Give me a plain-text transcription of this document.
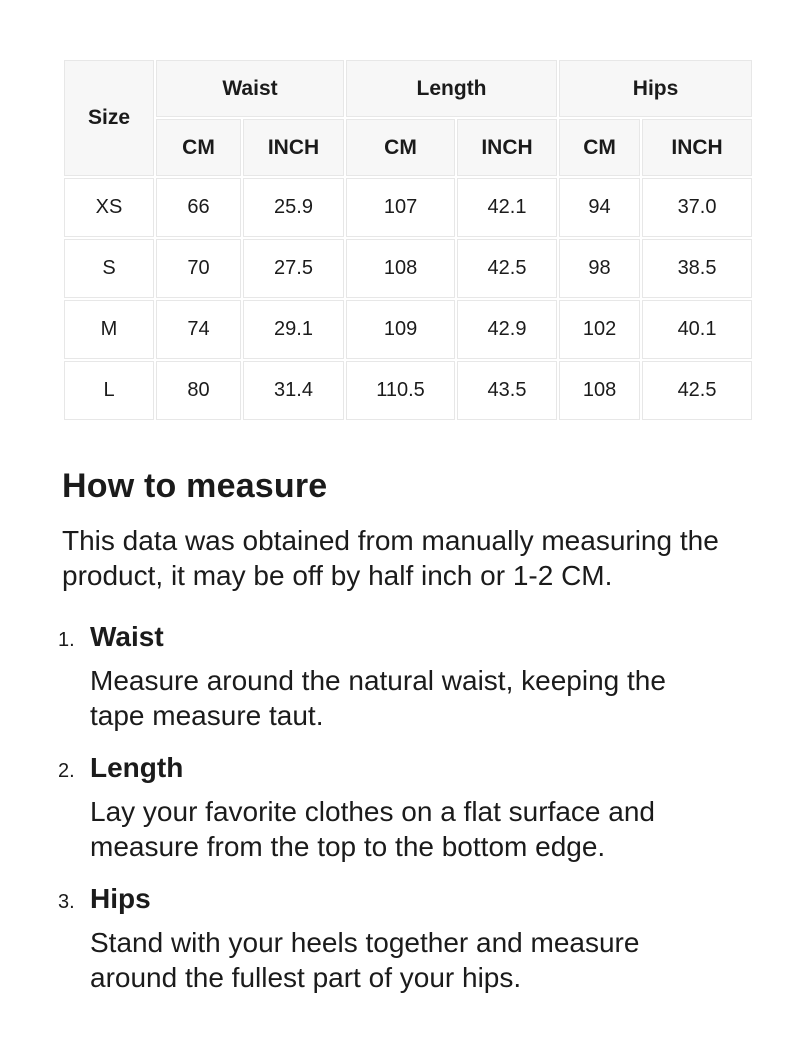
Size	Waist		Length		Hips	
	CM	INCH	CM	INCH	CM	INCH
XS	66	25.9	107	42.1	94	37.0
S	70	27.5	108	42.5	98	38.5
M	74	29.1	109	42.9	102	40.1
L	80	31.4	110.5	43.5	108	42.5
How to measure

This data was obtained from manually measuring the product, it may be off by half inch or 1-2 CM.

1. Waist

Measure around the natural waist, keeping the tape measure taut.

2. Length

Lay your favorite clothes on a flat surface and measure from the top to the bottom edge.

3. Hips

Stand with your heels together and measure around the fullest part of your hips.
